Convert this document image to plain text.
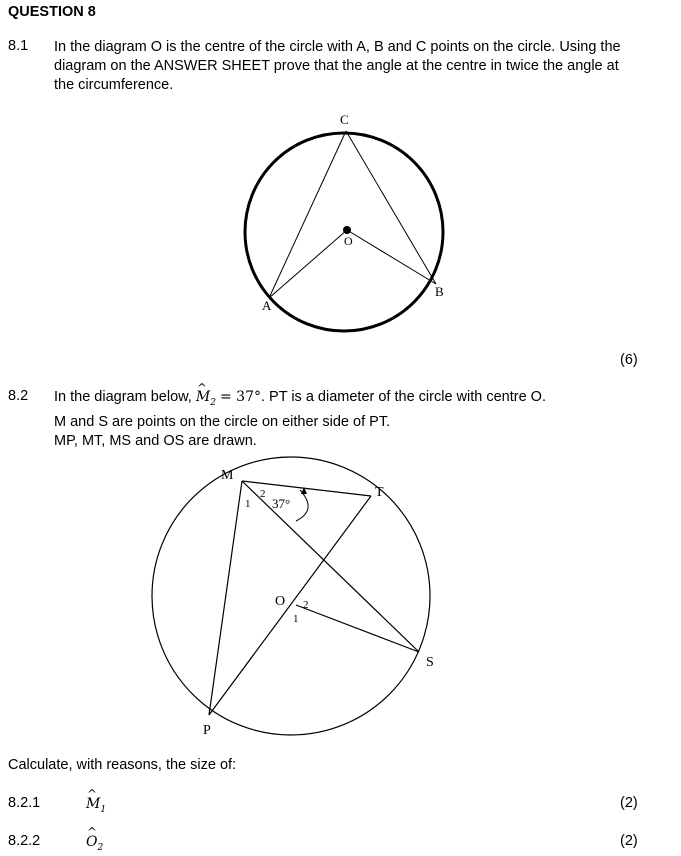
QUESTION 8
8.1 In the diagram O is the centre of the circle with A, B and C points on the circle. Using the
diagram on the ANSWER SHEET prove that the angle at the centre in twice the angle at
the circumference.
C
O
A
B
M
T
O
S
P
37°
1
2
2
1
(6)
8.2 In the diagram below, ^ $M_2 = 37^\circ$. PT is a diameter of the circle with centre O.
M and S are points on the circle on either side of PT.
MP, MT, MS and OS are drawn.
Calculate, with reasons, the size of:
8.2.1	^ $M_1$	(2)
8.2.2	^ $O_2$	(2)
